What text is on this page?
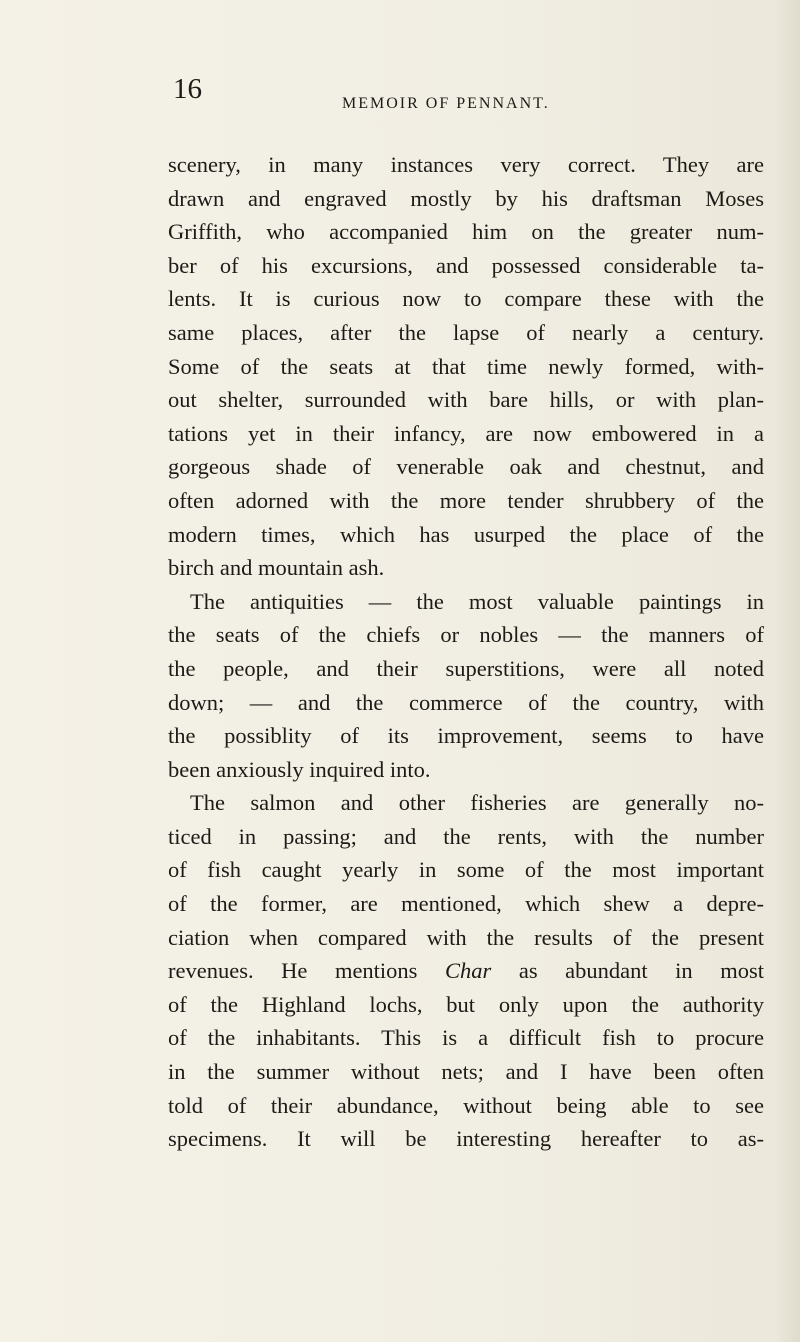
16	MEMOIR OF PENNANT.
scenery, in many instances very correct. They are
drawn and engraved mostly by his draftsman Moses
Griffith, who accompanied him on the greater num-
ber of his excursions, and possessed considerable ta-
lents. It is curious now to compare these with the
same places, after the lapse of nearly a century.
Some of the seats at that time newly formed, with-
out shelter, surrounded with bare hills, or with plan-
tations yet in their infancy, are now embowered in a
gorgeous shade of venerable oak and chestnut, and
often adorned with the more tender shrubbery of the
modern times, which has usurped the place of the
birch and mountain ash.
The antiquities — the most valuable paintings in
the seats of the chiefs or nobles — the manners of
the people, and their superstitions, were all noted
down; — and the commerce of the country, with
the possiblity of its improvement, seems to have
been anxiously inquired into.
The salmon and other fisheries are generally no-
ticed in passing; and the rents, with the number
of fish caught yearly in some of the most important
of the former, are mentioned, which shew a depre-
ciation when compared with the results of the present
revenues. He mentions Char as abundant in most
of the Highland lochs, but only upon the authority
of the inhabitants. This is a difficult fish to procure
in the summer without nets; and I have been often
told of their abundance, without being able to see
specimens. It will be interesting hereafter to as-
